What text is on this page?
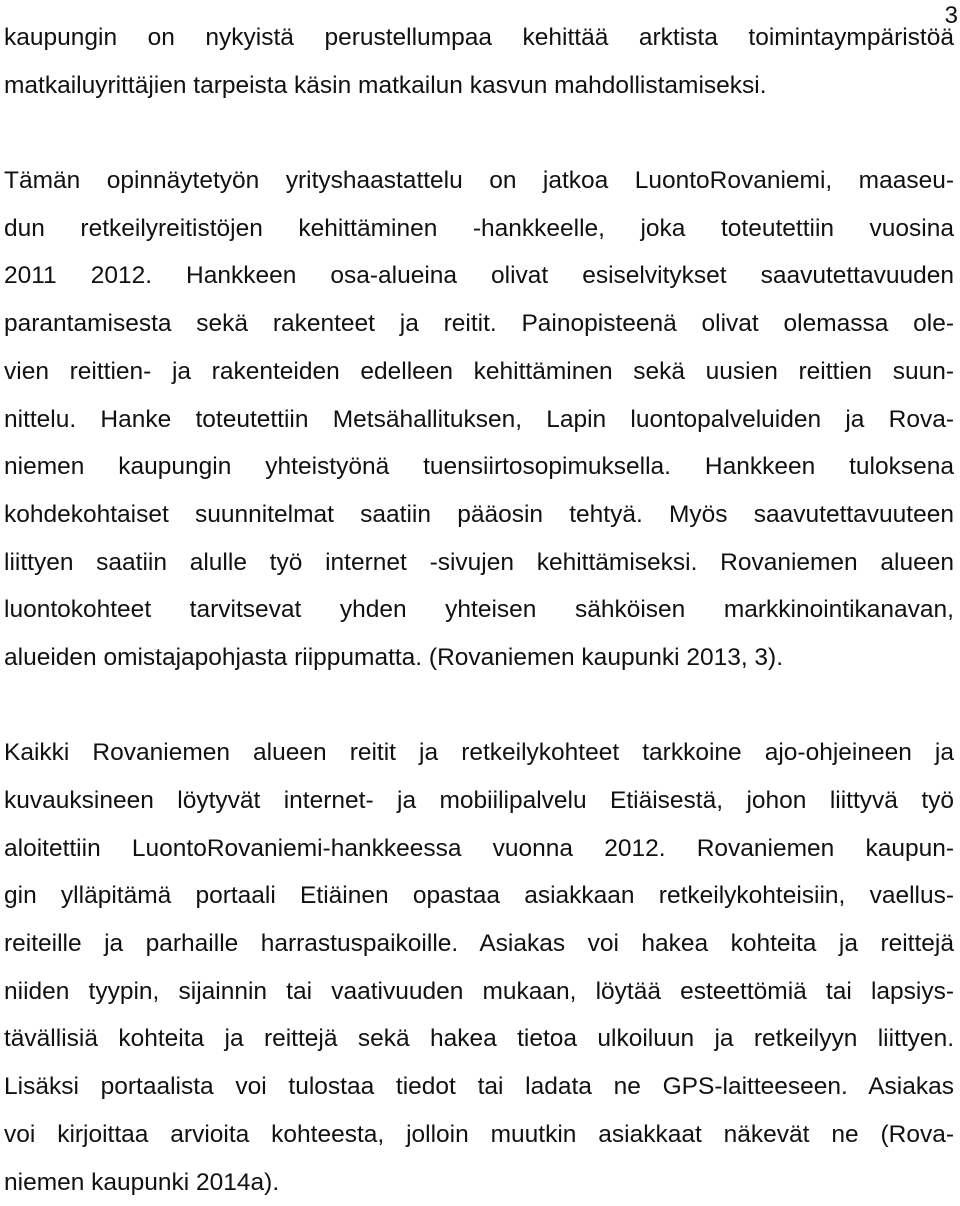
3
kaupungin on nykyistä perustellumpaa kehittää arktista toimintaympäristöä
matkailuyrittäjien tarpeista käsin matkailun kasvun mahdollistamiseksi.
Tämän opinnäytetyön yrityshaastattelu on jatkoa LuontoRovaniemi, maaseu-
dun retkeilyreitistöjen kehittäminen -hankkeelle, joka toteutettiin vuosina
2011 2012. Hankkeen osa-alueina olivat esiselvitykset saavutettavuuden
parantamisesta sekä rakenteet ja reitit. Painopisteenä olivat olemassa ole-
vien reittien- ja rakenteiden edelleen kehittäminen sekä uusien reittien suun-
nittelu. Hanke toteutettiin Metsähallituksen, Lapin luontopalveluiden ja Rova-
niemen kaupungin yhteistyönä tuensiirtosopimuksella. Hankkeen tuloksena
kohdekohtaiset suunnitelmat saatiin pääosin tehtyä. Myös saavutettavuuteen
liittyen saatiin alulle työ internet -sivujen kehittämiseksi. Rovaniemen alueen
luontokohteet tarvitsevat yhden yhteisen sähköisen markkinointikanavan,
alueiden omistajapohjasta riippumatta. (Rovaniemen kaupunki 2013, 3).
Kaikki Rovaniemen alueen reitit ja retkeilykohteet tarkkoine ajo-ohjeineen ja
kuvauksineen löytyvät internet- ja mobiilipalvelu Etiäisestä, johon liittyvä työ
aloitettiin LuontoRovaniemi-hankkeessa vuonna 2012. Rovaniemen kaupun-
gin ylläpitämä portaali Etiäinen opastaa asiakkaan retkeilykohteisiin, vaellus-
reiteille ja parhaille harrastuspaikoille. Asiakas voi hakea kohteita ja reittejä
niiden tyypin, sijainnin tai vaativuuden mukaan, löytää esteettömiä tai lapsiys-
tävällisiä kohteita ja reittejä sekä hakea tietoa ulkoiluun ja retkeilyyn liittyen.
Lisäksi portaalista voi tulostaa tiedot tai ladata ne GPS-laitteeseen. Asiakas
voi kirjoittaa arvioita kohteesta, jolloin muutkin asiakkaat näkevät ne (Rova-
niemen kaupunki 2014a).
